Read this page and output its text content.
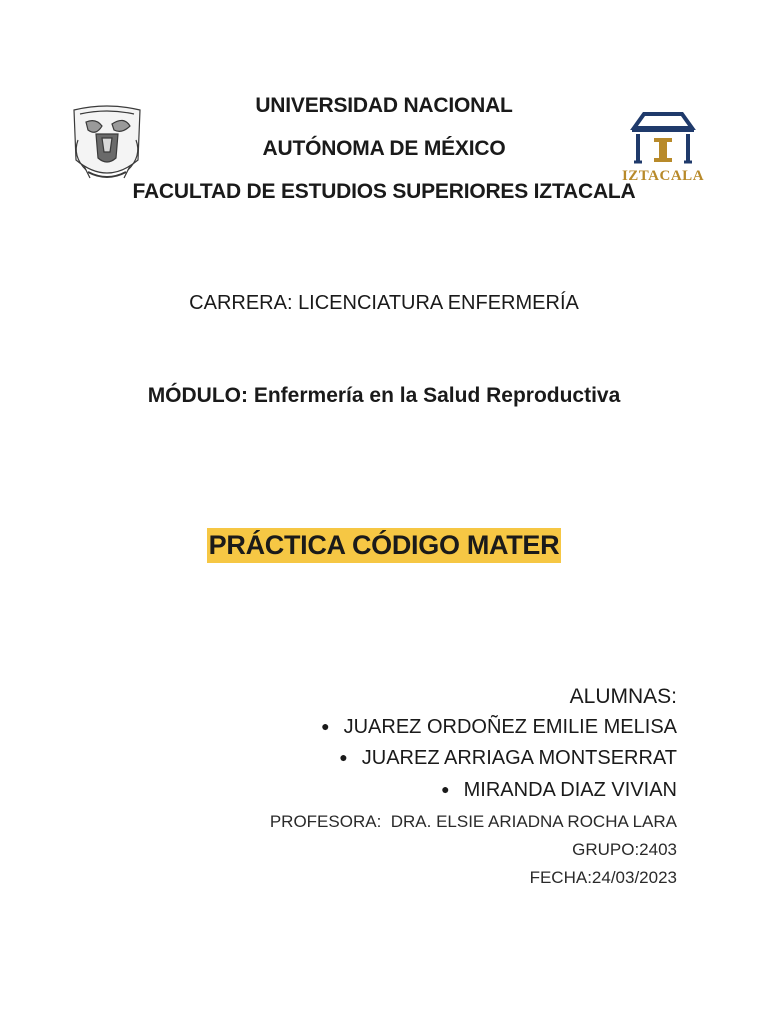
IZTACALA
UNIVERSIDAD NACIONAL
AUTÓNOMA DE MÉXICO
FACULTAD DE ESTUDIOS SUPERIORES IZTACALA
CARRERA: LICENCIATURA ENFERMERÍA
MÓDULO: Enfermería en la Salud Reproductiva
PRÁCTICA CÓDIGO MATER
ALUMNAS:
● JUAREZ ORDOÑEZ EMILIE MELISA
● JUAREZ ARRIAGA MONTSERRAT
● MIRANDA DIAZ VIVIAN
PROFESORA:  DRA. ELSIE ARIADNA ROCHA LARA
GRUPO:2403
FECHA:24/03/2023
